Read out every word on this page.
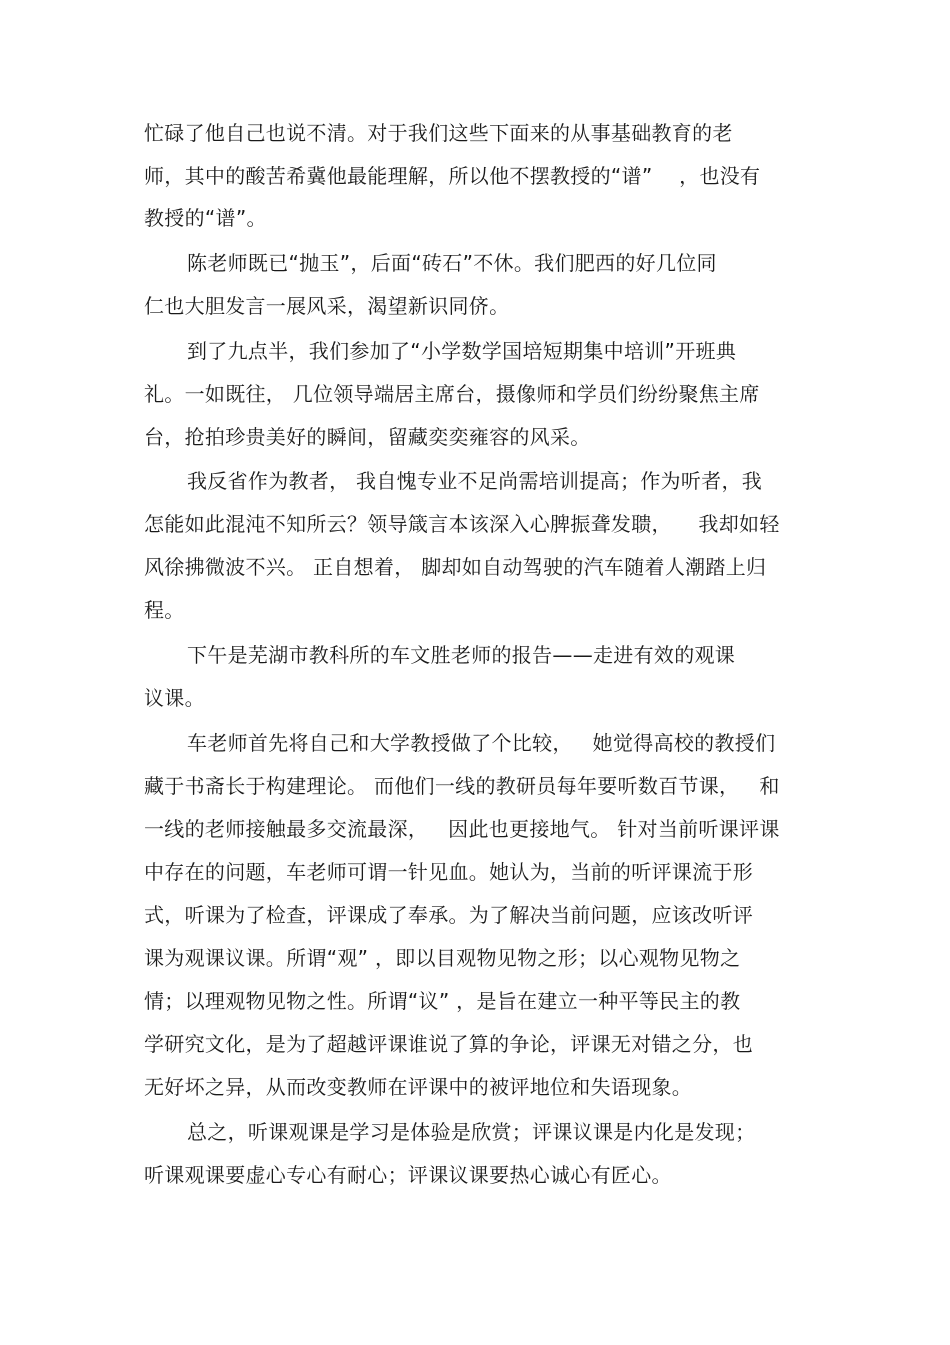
忙碌了他自己也说不清。对于我们这些下面来的从事基础教育的老
师，其中的酸苦希冀他最能理解，所以他不摆教授的“谱”    ，也没有
教授的“谱”。
陈老师既已“抛玉”，后面“砖石”不休。我们肥西的好几位同
仁也大胆发言一展风采，渴望新识同侪。
到了九点半，我们参加了“小学数学国培短期集中培训”开班典
礼。一如既往， 几位领导端居主席台，摄像师和学员们纷纷聚焦主席
台，抢拍珍贵美好的瞬间，留藏奕奕雍容的风采。
我反省作为教者， 我自愧专业不足尚需培训提高；作为听者，我
怎能如此混沌不知所云？领导箴言本该深入心脾振聋发聩，    我却如轻
风徐拂微波不兴。 正自想着， 脚却如自动驾驶的汽车随着人潮踏上归
程。
下午是芜湖市教科所的车文胜老师的报告——走进有效的观课
议课。
车老师首先将自己和大学教授做了个比较，   她觉得高校的教授们
藏于书斋长于构建理论。 而他们一线的教研员每年要听数百节课，   和
一线的老师接触最多交流最深，   因此也更接地气。 针对当前听课评课
中存在的问题，车老师可谓一针见血。她认为，当前的听评课流于形
式，听课为了检查，评课成了奉承。为了解决当前问题，应该改听评
课为观课议课。所谓“观” ，即以目观物见物之形；以心观物见物之
情；以理观物见物之性。所谓“议” ，是旨在建立一种平等民主的教
学研究文化，是为了超越评课谁说了算的争论，评课无对错之分，也
无好坏之异，从而改变教师在评课中的被评地位和失语现象。
总之，听课观课是学习是体验是欣赏；评课议课是内化是发现；
听课观课要虚心专心有耐心；评课议课要热心诚心有匠心。
